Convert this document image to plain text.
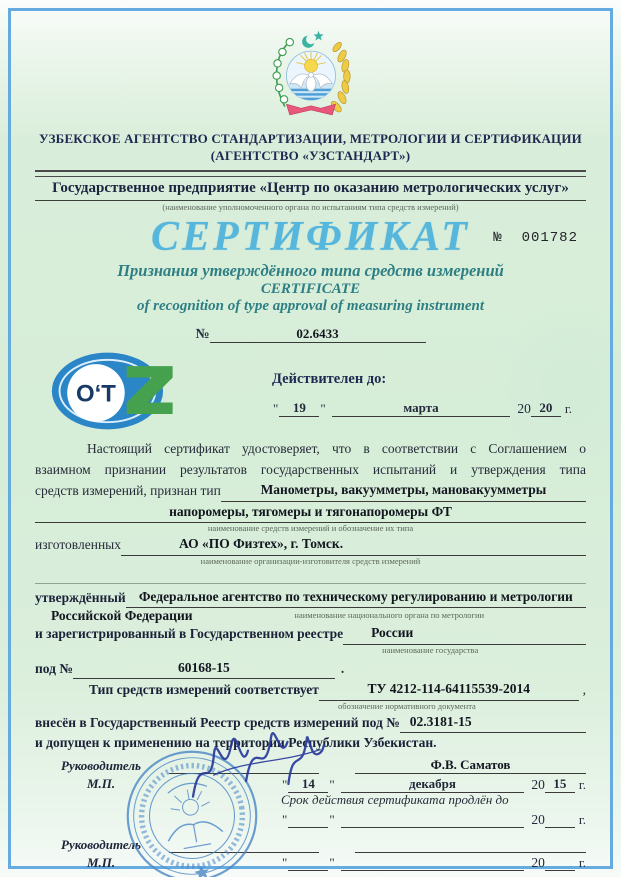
УЗБЕКСКОЕ АГЕНТСТВО СТАНДАРТИЗАЦИИ, МЕТРОЛОГИИ И СЕРТИФИКАЦИИ
(АГЕНТСТВО «УЗСТАНДАРТ»)
Государственное предприятие «Центр по оказанию метрологических услуг»
(наименование уполномоченного органа по испытаниям типа средств измерений)
СЕРТИФИКАТ № 001782
Признания утверждённого типа средств измерений
CERTIFICATE
of recognition of type approval of measuring instrument
№	02.6433
O‘T
Действителен до:
"	19	"	марта	20 20 г.
Настоящий сертификат удостоверяет, что в соответствии с Соглашением о
взаимном признании результатов государственных испытаний и утверждения типа
средств измерений, признан тип	Манометры, вакуумметры, мановакуумметры
напоромеры, тягомеры и тягонапоромеры ФТ
наименование средств измерений и обозначение их типа
изготовленных	АО «ПО Физтех», г. Томск.
наименование организации-изготовителя средств измерений
утверждённый Федеральное агентство по техническому регулированию и метрологии
Российской Федерации	наименование национального органа по метрологии
и зарегистрированный в Государственном реестре	России
наименование государства
под №	60168-15	.
Тип средств измерений соответствует	ТУ 4212-114-64115539-2014	,
обозначение нормативного документа
внесён в Государственный Реестр средств измерений под № 02.3181-15
и допущен к применению на территории Республики Узбекистан.
Руководитель	Ф.В. Саматов
М.П.	"	14	"	декабря	20 15 г.
Срок действия сертификата продлён до
"	"	20	г.
Руководитель
М.П.	"	"	20	г.
